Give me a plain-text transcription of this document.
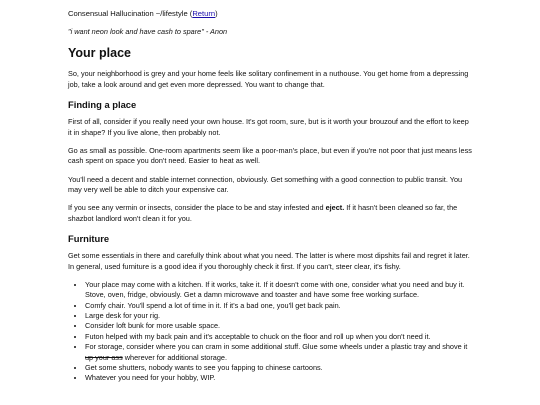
Consensual Hallucination ~/lifestyle (Return)

"i want neon look and have cash to spare" - Anon

Your place

So, your neighborhood is grey and your home feels like solitary confinement in a nuthouse. You get home from a depressing job, take a look around and get even more depressed. You want to change that.

Finding a place

First of all, consider if you really need your own house. It's got room, sure, but is it worth your brouzouf and the effort to keep it in shape? If you live alone, then probably not.

Go as small as possible. One-room apartments seem like a poor-man's place, but even if you're not poor that just means less cash spent on space you don't need. Easier to heat as well.

You'll need a decent and stable internet connection, obviously. Get something with a good connection to public transit. You may very well be able to ditch your expensive car.

If you see any vermin or insects, consider the place to be and stay infested and eject. If it hasn't been cleaned so far, the shazbot landlord won't clean it for you.

Furniture

Get some essentials in there and carefully think about what you need. The latter is where most dipshits fail and regret it later. In general, used furniture is a good idea if you thoroughly check it first. If you can't, steer clear, it's fishy.

• Your place may come with a kitchen. If it works, take it. If it doesn't come with one, consider what you need and buy it. Stove, oven, fridge, obviously. Get a damn microwave and toaster and have some free working surface.
• Comfy chair. You'll spend a lot of time in it. If it's a bad one, you'll get back pain.
• Large desk for your rig.
• Consider loft bunk for more usable space.
• Futon helped with my back pain and it's acceptable to chuck on the floor and roll up when you don't need it.
• For storage, consider where you can cram in some additional stuff. Glue some wheels under a plastic tray and shove it up your ass wherever for additional storage.
• Get some shutters, nobody wants to see you fapping to chinese cartoons.
• Whatever you need for your hobby, WIP.
